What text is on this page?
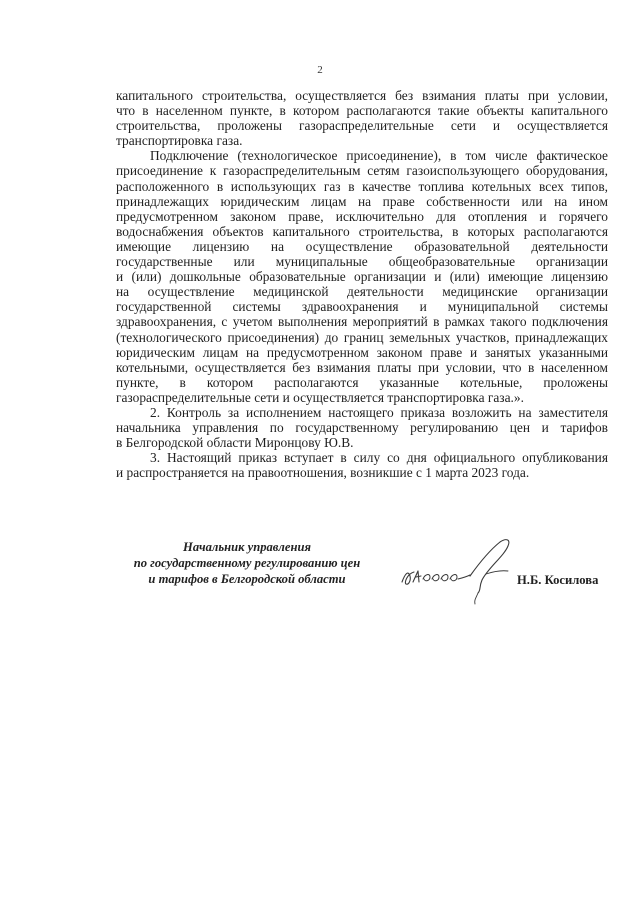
2

капитального строительства, осуществляется без взимания платы при условии,

что в населенном пункте, в котором располагаются такие объекты капитального

строительства, проложены газораспределительные сети и осуществляется

транспортировка газа.

Подключение (технологическое присоединение), в том числе фактическое

присоединение к газораспределительным сетям газоиспользующего оборудования,

расположенного в использующих газ в качестве топлива котельных всех типов,

принадлежащих юридическим лицам на праве собственности или на ином

предусмотренном законом праве, исключительно для отопления и горячего

водоснабжения объектов капитального строительства, в которых располагаются

имеющие лицензию на осуществление образовательной деятельности

государственные или муниципальные общеобразовательные организации

и (или) дошкольные образовательные организации и (или) имеющие лицензию

на осуществление медицинской деятельности медицинские организации

государственной системы здравоохранения и муниципальной системы

здравоохранения, с учетом выполнения мероприятий в рамках такого подключения

(технологического присоединения) до границ земельных участков, принадлежащих

юридическим лицам на предусмотренном законом праве и занятых указанными

котельными, осуществляется без взимания платы при условии, что в населенном

пункте, в котором располагаются указанные котельные, проложены

газораспределительные сети и осуществляется транспортировка газа.».

2. Контроль за исполнением настоящего приказа возложить на заместителя

начальника управления по государственному регулированию цен и тарифов

в Белгородской области Миронцову Ю.В.

3. Настоящий приказ вступает в силу со дня официального опубликования

и распространяется на правоотношения, возникшие с 1 марта 2023 года.

Начальник управления
по государственному регулированию цен
и тарифов в Белгородской области	Н.Б. Косилова
